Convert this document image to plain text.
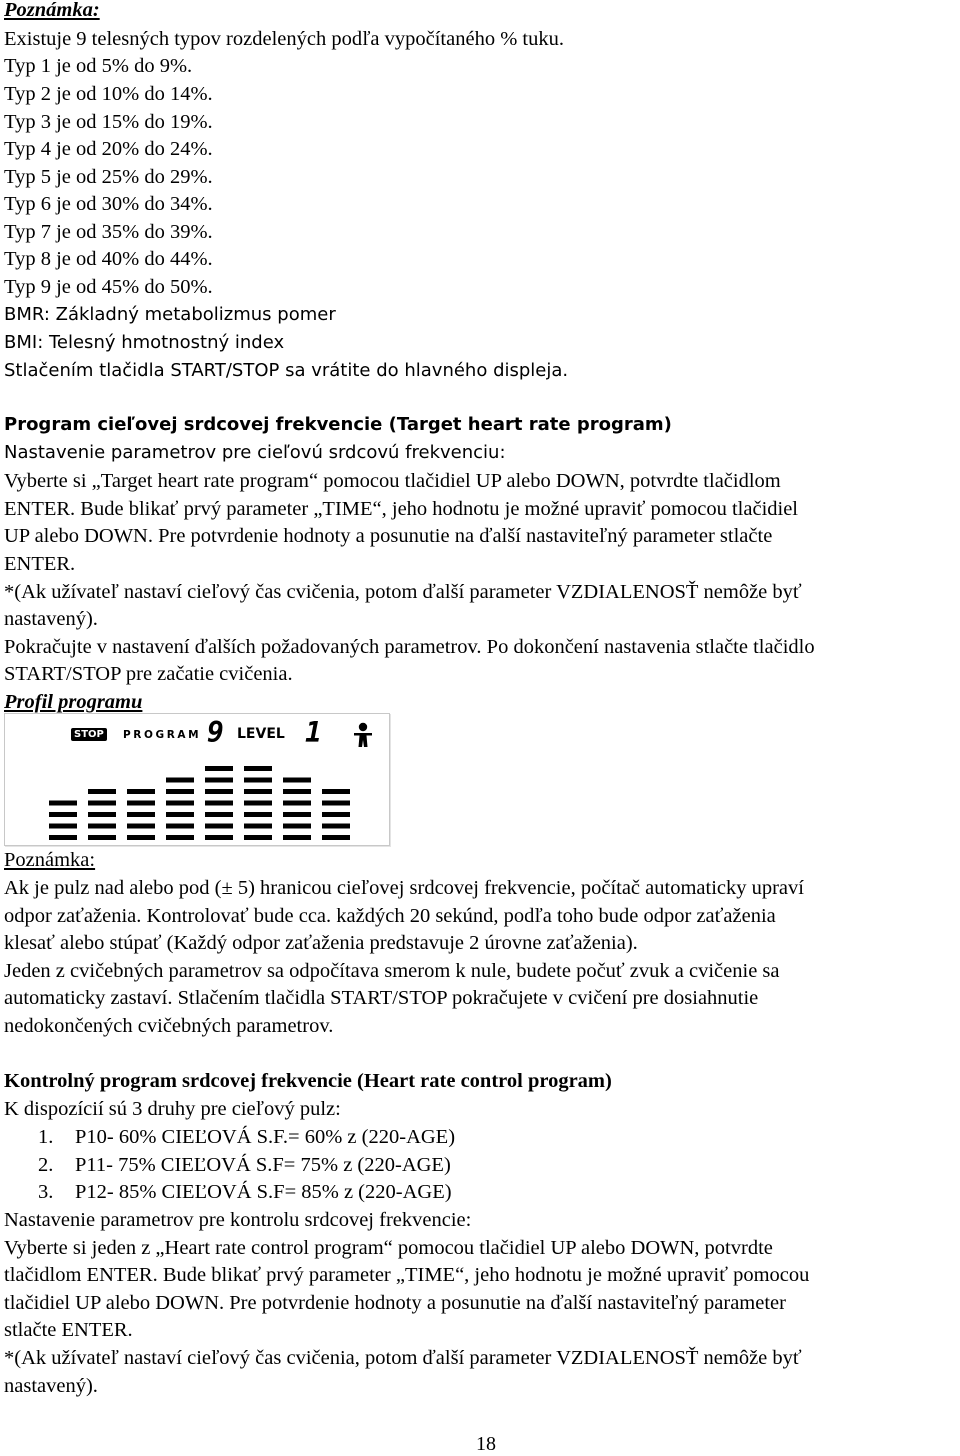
Poznámka:
Existuje 9 telesných typov rozdelených podľa vypočítaného % tuku.
Typ 1 je od 5% do 9%.
Typ 2 je od 10% do 14%.
Typ 3 je od 15% do 19%.
Typ 4 je od 20% do 24%.
Typ 5 je od 25% do 29%.
Typ 6 je od 30% do 34%.
Typ 7 je od 35% do 39%.
Typ 8 je od 40% do 44%.
Typ 9 je od 45% do 50%.
BMR: Základný metabolizmus pomer
BMI: Telesný hmotnostný index
Stlačením tlačidla START/STOP sa vrátite do hlavného displeja.
Program cieľovej srdcovej frekvencie (Target heart rate program)
Nastavenie parametrov pre cieľovú srdcovú frekvenciu:
Vyberte si „Target heart rate program“ pomocou tlačidiel UP alebo DOWN, potvrdte tlačidlom
ENTER. Bude blikať prvý parameter „TIME“, jeho hodnotu je možné upraviť pomocou tlačidiel
UP alebo DOWN. Pre potvrdenie hodnoty a posunutie na ďalší nastaviteľný parameter stlačte
ENTER.
*(Ak užívateľ nastaví cieľový čas cvičenia, potom ďalší parameter VZDIALENOSŤ nemôže byť
nastavený).
Pokračujte v nastavení ďalších požadovaných parametrov. Po dokončení nastavenia stlačte tlačidlo
START/STOP pre začatie cvičenia.
Profil programu
STOP PROGRAM 9 LEVEL 1
Poznámka:
Ak je pulz nad alebo pod (± 5) hranicou cieľovej srdcovej frekvencie, počítač automaticky upraví
odpor zaťaženia. Kontrolovať bude cca. každých 20 sekúnd, podľa toho bude odpor zaťaženia
klesať alebo stúpať (Každý odpor zaťaženia predstavuje 2 úrovne zaťaženia).
Jeden z cvičebných parametrov sa odpočítava smerom k nule, budete počuť zvuk a cvičenie sa
automaticky zastaví. Stlačením tlačidla START/STOP pokračujete v cvičení pre dosiahnutie
nedokončených cvičebných parametrov.
Kontrolný program srdcovej frekvencie (Heart rate control program)
K dispozícií sú 3 druhy pre cieľový pulz:
1. P10- 60% CIEĽOVÁ S.F.= 60% z (220-AGE)
2. P11- 75% CIEĽOVÁ S.F= 75% z (220-AGE)
3. P12- 85% CIEĽOVÁ S.F= 85% z (220-AGE)
Nastavenie parametrov pre kontrolu srdcovej frekvencie:
Vyberte si jeden z „Heart rate control program“ pomocou tlačidiel UP alebo DOWN, potvrdte
tlačidlom ENTER. Bude blikať prvý parameter „TIME“, jeho hodnotu je možné upraviť pomocou
tlačidiel UP alebo DOWN. Pre potvrdenie hodnoty a posunutie na ďalší nastaviteľný parameter
stlačte ENTER.
*(Ak užívateľ nastaví cieľový čas cvičenia, potom ďalší parameter VZDIALENOSŤ nemôže byť
nastavený).
18
